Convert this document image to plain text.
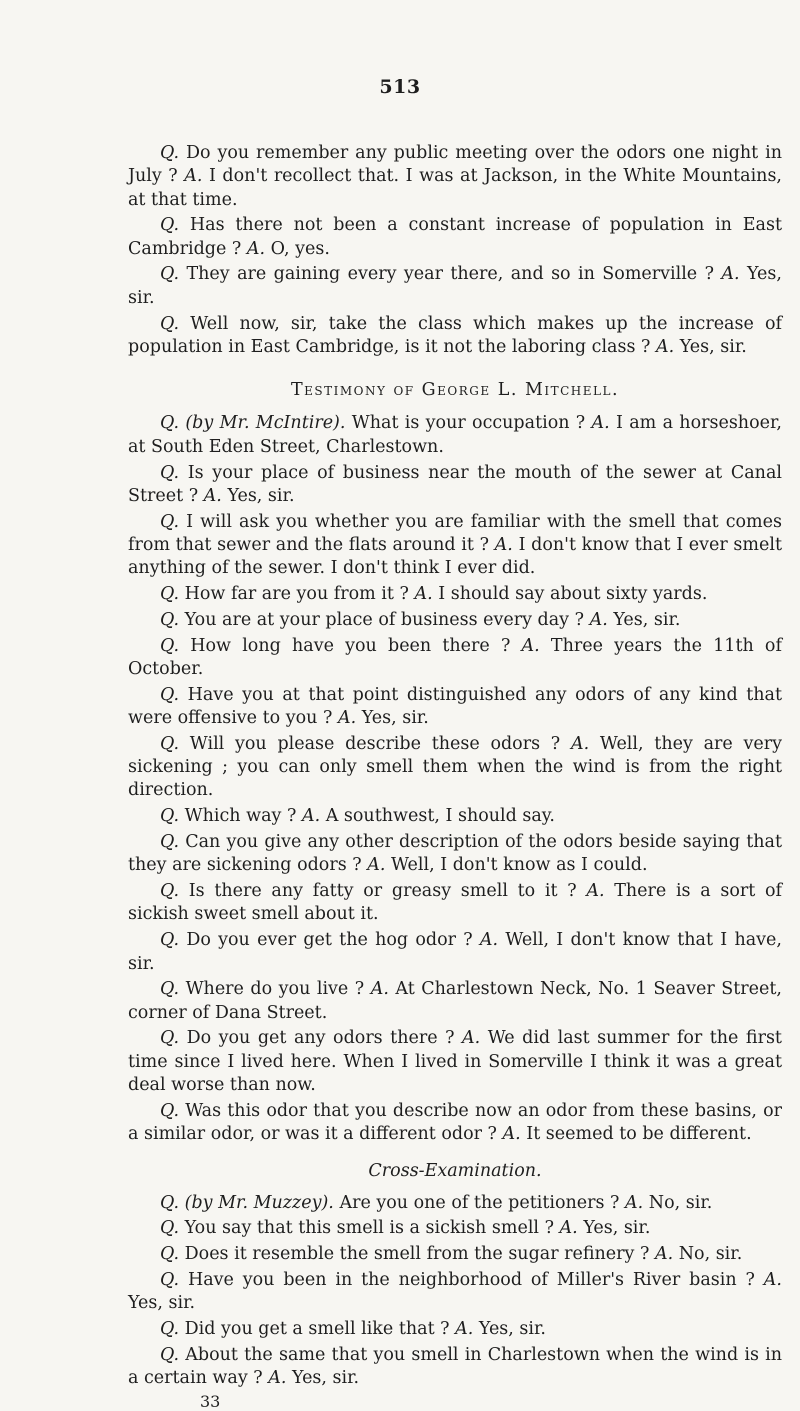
513

Q. Do you remember any public meeting over the odors one night in July ? A. I don't recollect that. I was at Jackson, in the White Mountains, at that time.

Q. Has there not been a constant increase of population in East Cambridge ? A. O, yes.

Q. They are gaining every year there, and so in Somerville ? A. Yes, sir.

Q. Well now, sir, take the class which makes up the increase of population in East Cambridge, is it not the laboring class ? A. Yes, sir.

Testimony of George L. Mitchell.

Q. (by Mr. McIntire). What is your occupation ? A. I am a horseshoer, at South Eden Street, Charlestown.

Q. Is your place of business near the mouth of the sewer at Canal Street ? A. Yes, sir.

Q. I will ask you whether you are familiar with the smell that comes from that sewer and the flats around it ? A. I don't know that I ever smelt anything of the sewer. I don't think I ever did.

Q. How far are you from it ? A. I should say about sixty yards.

Q. You are at your place of business every day ? A. Yes, sir.

Q. How long have you been there ? A. Three years the 11th of October.

Q. Have you at that point distinguished any odors of any kind that were offensive to you ? A. Yes, sir.

Q. Will you please describe these odors ? A. Well, they are very sickening ; you can only smell them when the wind is from the right direction.

Q. Which way ? A. A southwest, I should say.

Q. Can you give any other description of the odors beside saying that they are sickening odors ? A. Well, I don't know as I could.

Q. Is there any fatty or greasy smell to it ? A. There is a sort of sickish sweet smell about it.

Q. Do you ever get the hog odor ? A. Well, I don't know that I have, sir.

Q. Where do you live ? A. At Charlestown Neck, No. 1 Seaver Street, corner of Dana Street.

Q. Do you get any odors there ? A. We did last summer for the first time since I lived here. When I lived in Somerville I think it was a great deal worse than now.

Q. Was this odor that you describe now an odor from these basins, or a similar odor, or was it a different odor ? A. It seemed to be different.

Cross-Examination.

Q. (by Mr. Muzzey). Are you one of the petitioners ? A. No, sir.

Q. You say that this smell is a sickish smell ? A. Yes, sir.

Q. Does it resemble the smell from the sugar refinery ? A. No, sir.

Q. Have you been in the neighborhood of Miller's River basin ? A. Yes, sir.

Q. Did you get a smell like that ? A. Yes, sir.

Q. About the same that you smell in Charlestown when the wind is in a certain way ? A. Yes, sir.

33
